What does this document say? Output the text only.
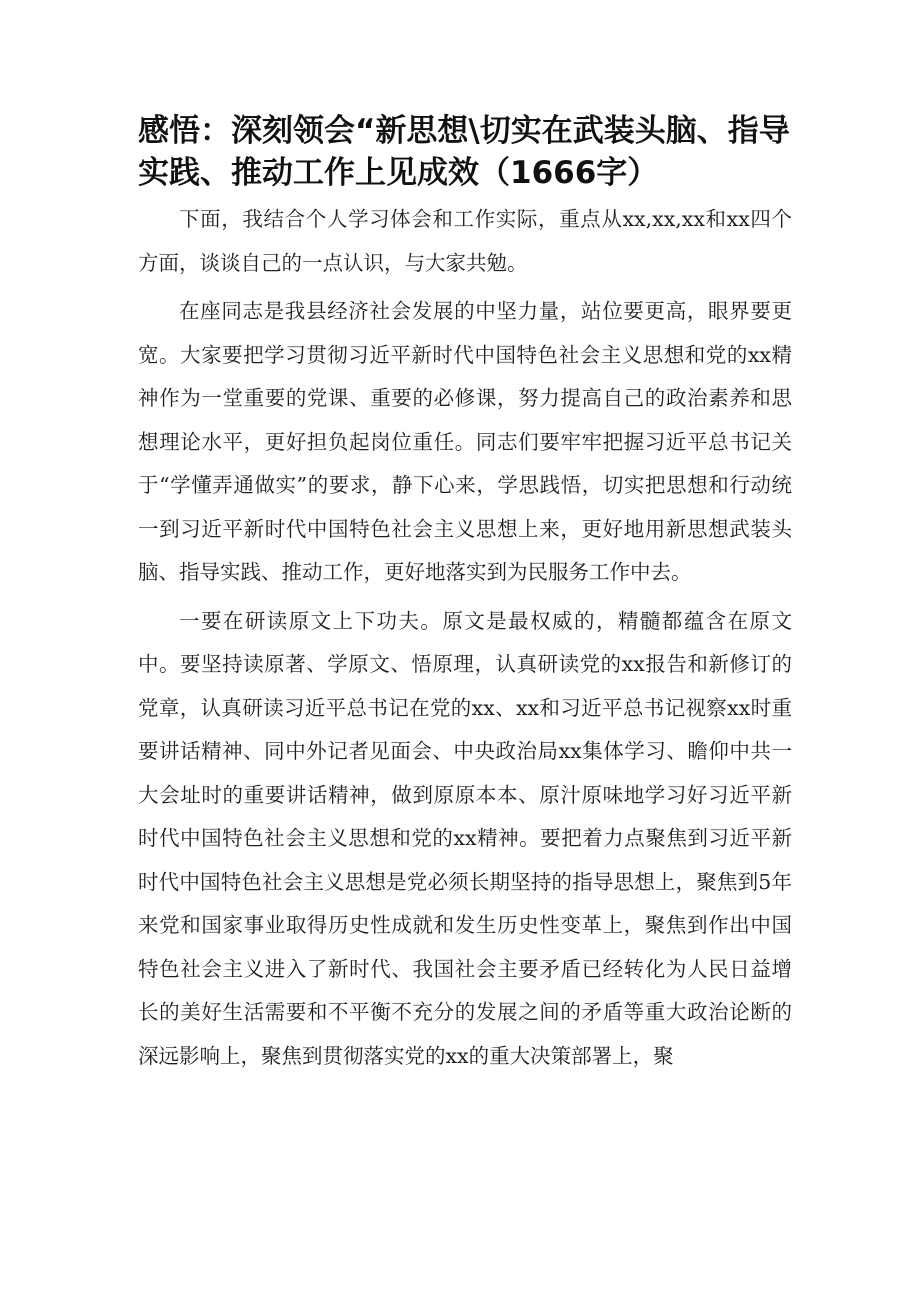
感悟：深刻领会“新思想\切实在武装头脑、指导实践、推动工作上见成效（1666字）

下面，我结合个人学习体会和工作实际，重点从xx,xx,xx和xx四个方面，谈谈自己的一点认识，与大家共勉。

在座同志是我县经济社会发展的中坚力量，站位要更高，眼界要更宽。大家要把学习贯彻习近平新时代中国特色社会主义思想和党的xx精神作为一堂重要的党课、重要的必修课，努力提高自己的政治素养和思想理论水平，更好担负起岗位重任。同志们要牢牢把握习近平总书记关于“学懂弄通做实”的要求，静下心来，学思践悟，切实把思想和行动统一到习近平新时代中国特色社会主义思想上来，更好地用新思想武装头脑、指导实践、推动工作，更好地落实到为民服务工作中去。

一要在研读原文上下功夫。原文是最权威的，精髓都蕴含在原文中。要坚持读原著、学原文、悟原理，认真研读党的xx报告和新修订的党章，认真研读习近平总书记在党的xx、xx和习近平总书记视察xx时重要讲话精神、同中外记者见面会、中央政治局xx集体学习、瞻仰中共一大会址时的重要讲话精神，做到原原本本、原汁原味地学习好习近平新时代中国特色社会主义思想和党的xx精神。要把着力点聚焦到习近平新时代中国特色社会主义思想是党必须长期坚持的指导思想上，聚焦到5年来党和国家事业取得历史性成就和发生历史性变革上，聚焦到作出中国特色社会主义进入了新时代、我国社会主要矛盾已经转化为人民日益增长的美好生活需要和不平衡不充分的发展之间的矛盾等重大政治论断的深远影响上，聚焦到贯彻落实党的xx的重大决策部署上，聚
